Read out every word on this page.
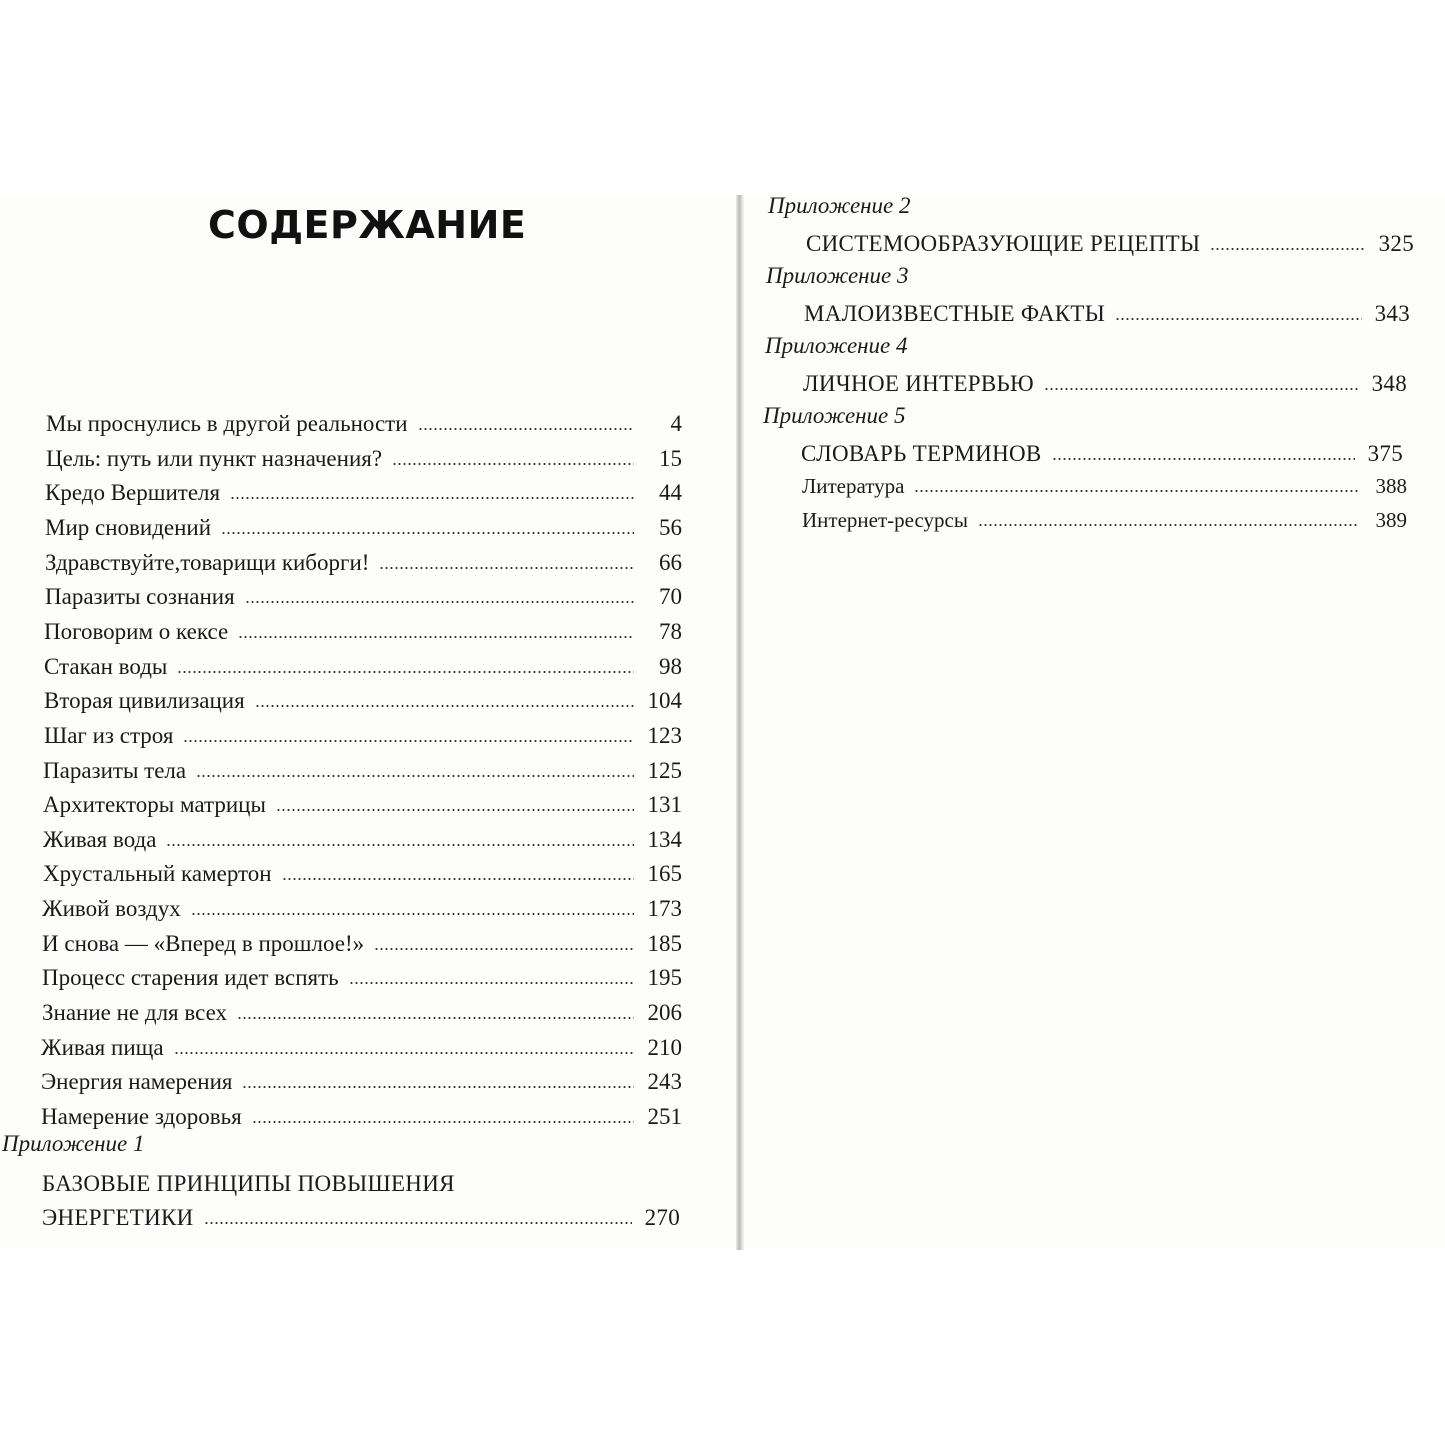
СОДЕРЖАНИЕ
Мы проснулись в другой реальности	4
Цель: путь или пункт назначения?	15
Кредо Вершителя	44
Мир сновидений	56
Здравствуйте,товарищи киборги!	66
Паразиты сознания	70
Поговорим о кексе	78
Стакан воды	98
Вторая цивилизация	104
Шаг из строя	123
Паразиты тела	125
Архитекторы матрицы	131
Живая вода	134
Хрустальный камертон	165
Живой воздух	173
И снова — «Вперед в прошлое!»	185
Процесс старения идет вспять	195
Знание не для всех	206
Живая пища	210
Энергия намерения	243
Намерение здоровья	251
Приложение 1
БАЗОВЫЕ ПРИНЦИПЫ ПОВЫШЕНИЯ
ЭНЕРГЕТИКИ	270
Приложение 2
СИСТЕМООБРАЗУЮЩИЕ РЕЦЕПТЫ	325
Приложение 3
МАЛОИЗВЕСТНЫЕ ФАКТЫ	343
Приложение 4
ЛИЧНОЕ ИНТЕРВЬЮ	348
Приложение 5
СЛОВАРЬ ТЕРМИНОВ	375
Литература	388
Интернет-ресурсы	389
